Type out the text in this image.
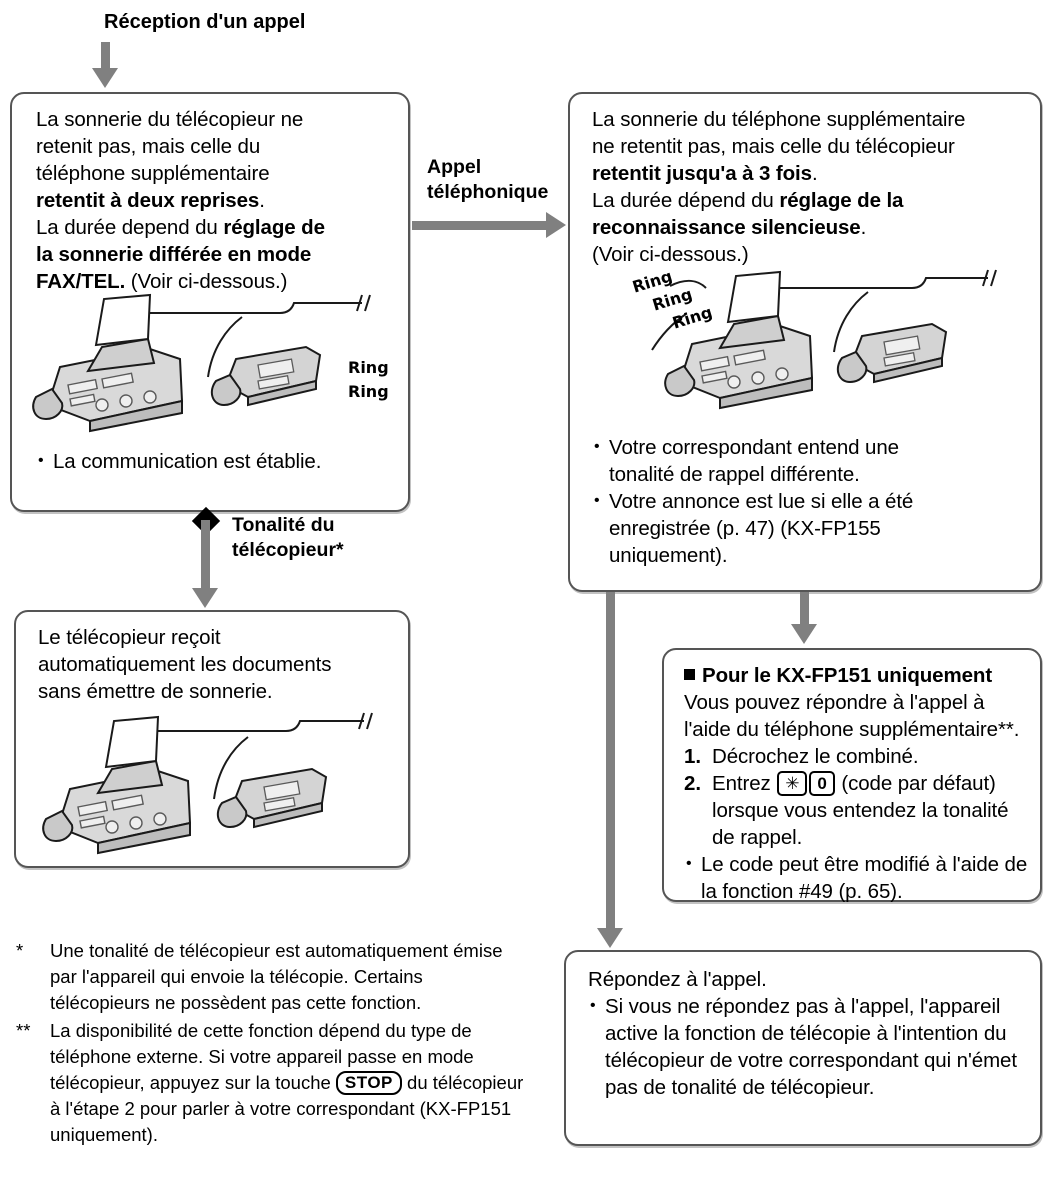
Réception d'un appel
La sonnerie du télécopieur ne
retenit pas, mais celle du
téléphone supplémentaire
retentit à deux reprises.
La durée depend du réglage de
la sonnerie différée en mode
FAX/TEL. (Voir ci-dessous.)
Ring
Ring
• La communication est établie.
Appel
téléphonique
La sonnerie du téléphone supplémentaire
ne retentit pas, mais celle du télécopieur
retentit jusqu'a à 3 fois.
La durée dépend du réglage de la
reconnaissance silencieuse.
(Voir ci-dessous.)
Ring
Ring
Ring
• Votre correspondant entend une tonalité de rappel différente.
• Votre annonce est lue si elle a été enregistrée (p. 47) (KX-FP155 uniquement).
Tonalité du
télécopieur*
Le télécopieur reçoit
automatiquement les documents
sans émettre de sonnerie.
Pour le KX-FP151 uniquement
Vous pouvez répondre à l'appel à
l'aide du téléphone supplémentaire**.
Décrochez le combiné.
Entrez ✳ 0 (code par défaut) lorsque vous entendez la tonalité de rappel.
• Le code peut être modifié à l'aide de la fonction #49 (p. 65).
Répondez à l'appel.
• Si vous ne répondez pas à l'appel, l'appareil active la fonction de télécopie à l'intention du télécopieur de votre correspondant qui n'émet pas de tonalité de télécopieur.
*	Une tonalité de télécopieur est automatiquement émise par l'appareil qui envoie la télécopie. Certains télécopieurs ne possèdent pas cette fonction.
**	La disponibilité de cette fonction dépend du type de téléphone externe. Si votre appareil passe en mode télécopieur, appuyez sur la touche STOP du télécopieur à l'étape 2 pour parler à votre correspondant (KX-FP151 uniquement).
